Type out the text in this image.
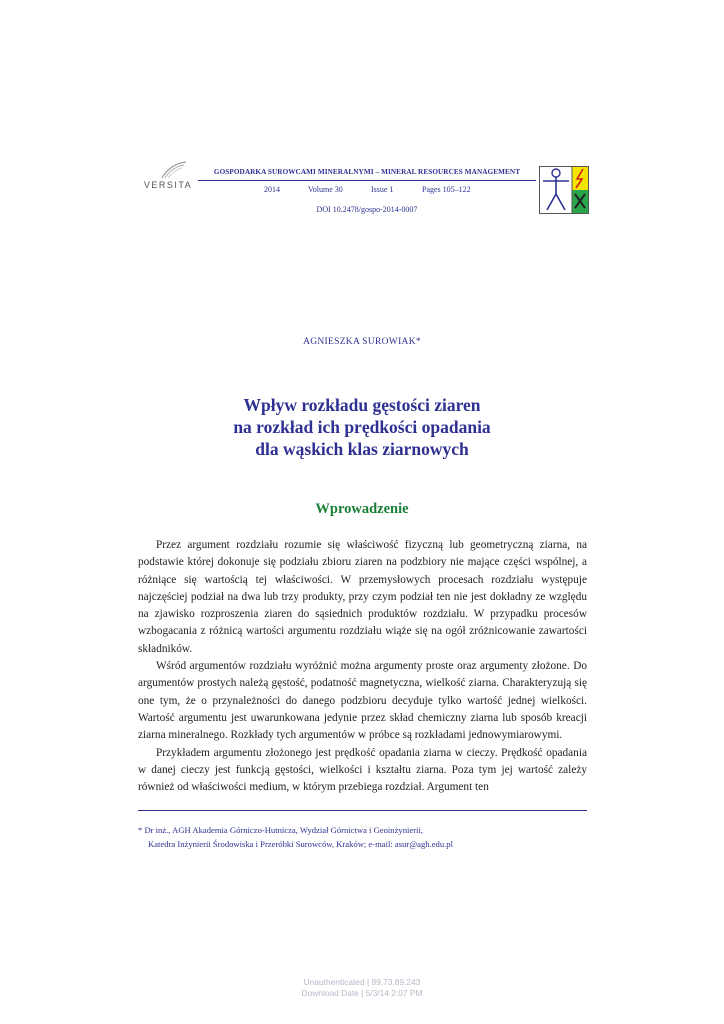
VERSITA
GOSPODARKA SUROWCAMI MINERALNYMI – MINERAL RESOURCES MANAGEMENT
2014	Volume 30	Issue 1	Pages 105–122
DOI 10.2478/gospo-2014-0007
AGNIESZKA SUROWIAK*
Wpływ rozkładu gęstości ziaren
na rozkład ich prędkości opadania
dla wąskich klas ziarnowych
Wprowadzenie

Przez argument rozdziału rozumie się właściwość fizyczną lub geometryczną ziarna, na podstawie której dokonuje się podziału zbioru ziaren na podzbiory nie mające części wspólnej, a różniące się wartością tej właściwości. W przemysłowych procesach rozdziału występuje najczęściej podział na dwa lub trzy produkty, przy czym podział ten nie jest dokładny ze względu na zjawisko rozproszenia ziaren do sąsiednich produktów rozdziału. W przypadku procesów wzbogacania z różnicą wartości argumentu rozdziału wiąże się na ogół zróżnicowanie zawartości składników.

Wśród argumentów rozdziału wyróżnić można argumenty proste oraz argumenty złożone. Do argumentów prostych należą gęstość, podatność magnetyczna, wielkość ziarna. Charakteryzują się one tym, że o przynależności do danego podzbioru decyduje tylko wartość jednej wielkości. Wartość argumentu jest uwarunkowana jedynie przez skład chemiczny ziarna lub sposób kreacji ziarna mineralnego. Rozkłady tych argumentów w próbce są rozkładami jednowymiarowymi.

Przykładem argumentu złożonego jest prędkość opadania ziarna w cieczy. Prędkość opadania w danej cieczy jest funkcją gęstości, wielkości i kształtu ziarna. Poza tym jej wartość zależy również od właściwości medium, w którym przebiega rozdział. Argument ten

* Dr inż., AGH Akademia Górniczo-Hutnicza, Wydział Górnictwa i Geoinżynierii,
Katedra Inżynierii Środowiska i Przeróbki Surowców, Kraków; e-mail: asur@agh.edu.pl
Unauthenticated | 89.73.89.243
Download Date | 5/3/14 2:07 PM
